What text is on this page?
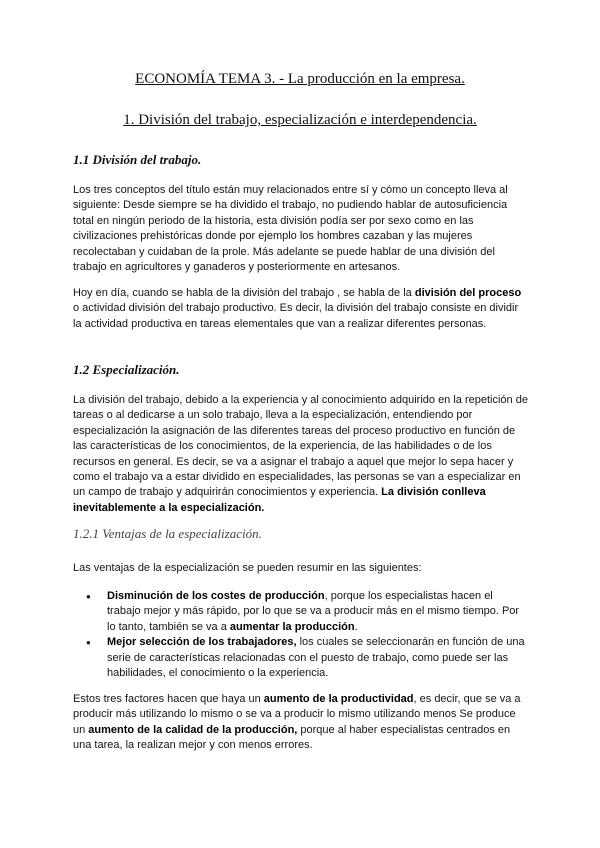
ECONOMÍA TEMA 3. - La producción en la empresa.
1. División del trabajo, especialización e interdependencia.
1.1 División del trabajo.

Los tres conceptos del título están muy relacionados entre sí y cómo un concepto lleva al siguiente: Desde siempre se ha dividido el trabajo, no pudiendo hablar de autosuficiencia total en ningún periodo de la historia, esta división podía ser por sexo como en las civilizaciones prehistóricas donde por ejemplo los hombres cazaban y las mujeres recolectaban y cuidaban de la prole. Más adelante se puede hablar de una división del trabajo en agricultores y ganaderos y posteriormente en artesanos.

Hoy en día, cuando se habla de la división del trabajo , se habla de la división del proceso o actividad división del trabajo productivo. Es decir, la división del trabajo consiste en dividir la actividad productiva en tareas elementales que van a realizar diferentes personas.

1.2 Especialización.

La división del trabajo, debido a la experiencia y al conocimiento adquirido en la repetición de tareas o al dedicarse a un solo trabajo, lleva a la especialización, entendiendo por especialización la asignación de las diferentes tareas del proceso productivo en función de las características de los conocimientos, de la experiencia, de las habilidades o de los recursos en general. Es decir, se va a asignar el trabajo a aquel que mejor lo sepa hacer y como el trabajo va a estar dividido en especialidades, las personas se van a especializar en un campo de trabajo y adquirirán conocimientos y experiencia. La división conlleva inevitablemente a la especialización.

1.2.1 Ventajas de la especialización.

Las ventajas de la especialización se pueden resumir en las siguientes:

● Disminución de los costes de producción, porque los especialistas hacen el trabajo mejor y más rápido, por lo que se va a producir más en el mismo tiempo. Por lo tanto, también se va a aumentar la producción.
● Mejor selección de los trabajadores, los cuales se seleccionarán en función de una serie de características relacionadas con el puesto de trabajo, como puede ser las habilidades, el conocimiento o la experiencia.

Estos tres factores hacen que haya un aumento de la productividad, es decir, que se va a producir más utilizando lo mismo o se va a producir lo mismo utilizando menos Se produce un aumento de la calidad de la producción, porque al haber especialistas centrados en una tarea, la realizan mejor y con menos errores.
